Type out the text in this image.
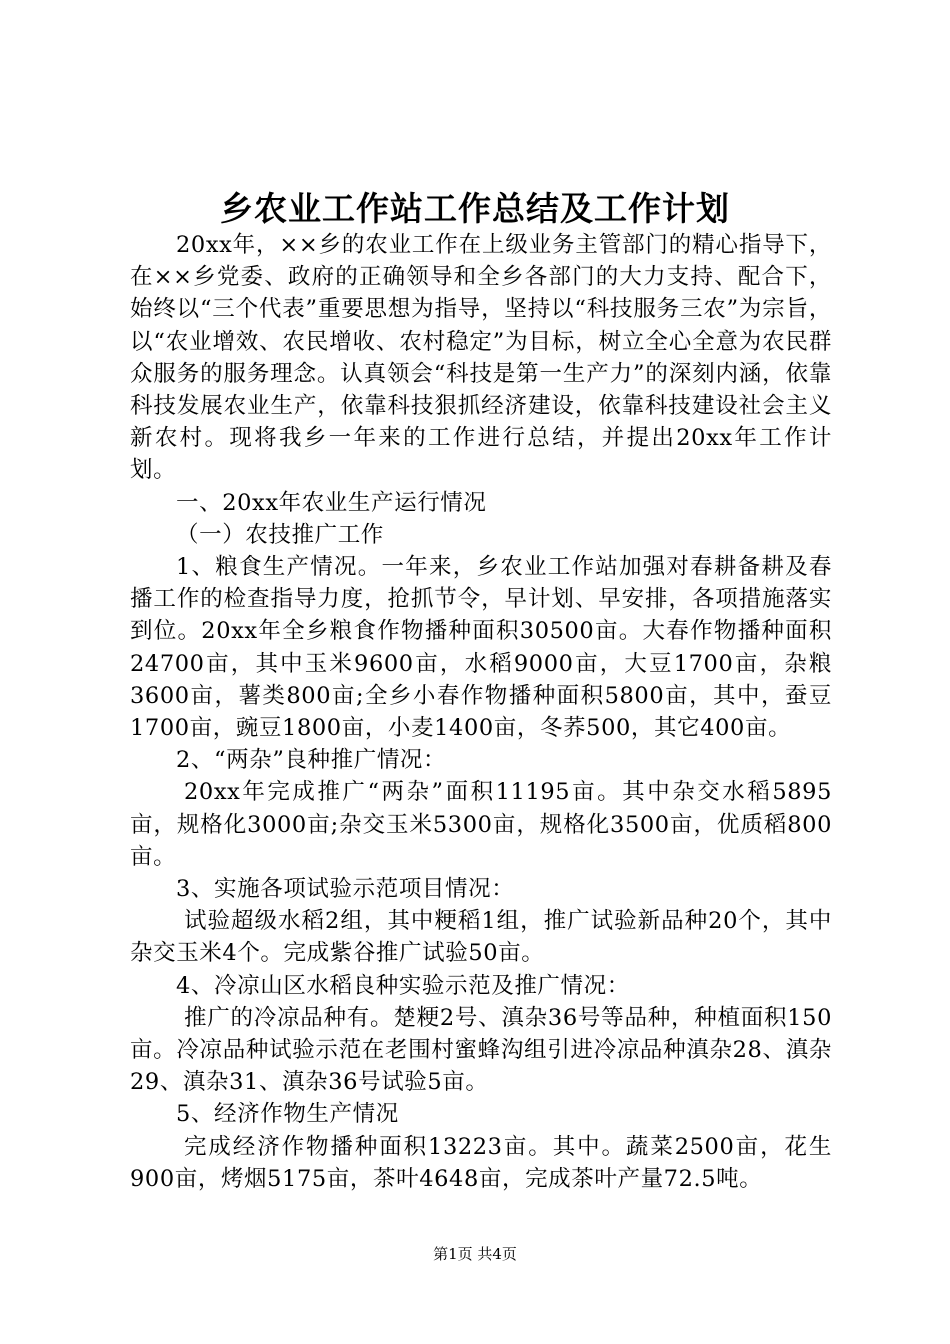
乡农业工作站工作总结及工作计划

20xx年，××乡的农业工作在上级业务主管部门的精心指导下，在××乡党委、政府的正确领导和全乡各部门的大力支持、配合下，始终以“三个代表”重要思想为指导，坚持以“科技服务三农”为宗旨，以“农业增效、农民增收、农村稳定”为目标，树立全心全意为农民群众服务的服务理念。认真领会“科技是第一生产力”的深刻内涵，依靠科技发展农业生产，依靠科技狠抓经济建设，依靠科技建设社会主义新农村。现将我乡一年来的工作进行总结，并提出20xx年工作计划。

一、20xx年农业生产运行情况

（一）农技推广工作

1、粮食生产情况。一年来，乡农业工作站加强对春耕备耕及春播工作的检查指导力度，抢抓节令，早计划、早安排，各项措施落实到位。20xx年全乡粮食作物播种面积30500亩。大春作物播种面积24700亩，其中玉米9600亩，水稻9000亩，大豆1700亩，杂粮3600亩，薯类800亩;全乡小春作物播种面积5800亩，其中，蚕豆1700亩，豌豆1800亩，小麦1400亩，冬荞500，其它400亩。

2、“两杂”良种推广情况：

20xx年完成推广“两杂”面积11195亩。其中杂交水稻5895亩，规格化3000亩;杂交玉米5300亩，规格化3500亩，优质稻800亩。

3、实施各项试验示范项目情况：

试验超级水稻2组，其中粳稻1组，推广试验新品种20个，其中杂交玉米4个。完成紫谷推广试验50亩。

4、冷凉山区水稻良种实验示范及推广情况：

推广的冷凉品种有。楚粳2号、滇杂36号等品种，种植面积150亩。冷凉品种试验示范在老围村蜜蜂沟组引进冷凉品种滇杂28、滇杂29、滇杂31、滇杂36号试验5亩。

5、经济作物生产情况

完成经济作物播种面积13223亩。其中。蔬菜2500亩，花生900亩，烤烟5175亩，茶叶4648亩，完成茶叶产量72.5吨。

第1页 共4页
